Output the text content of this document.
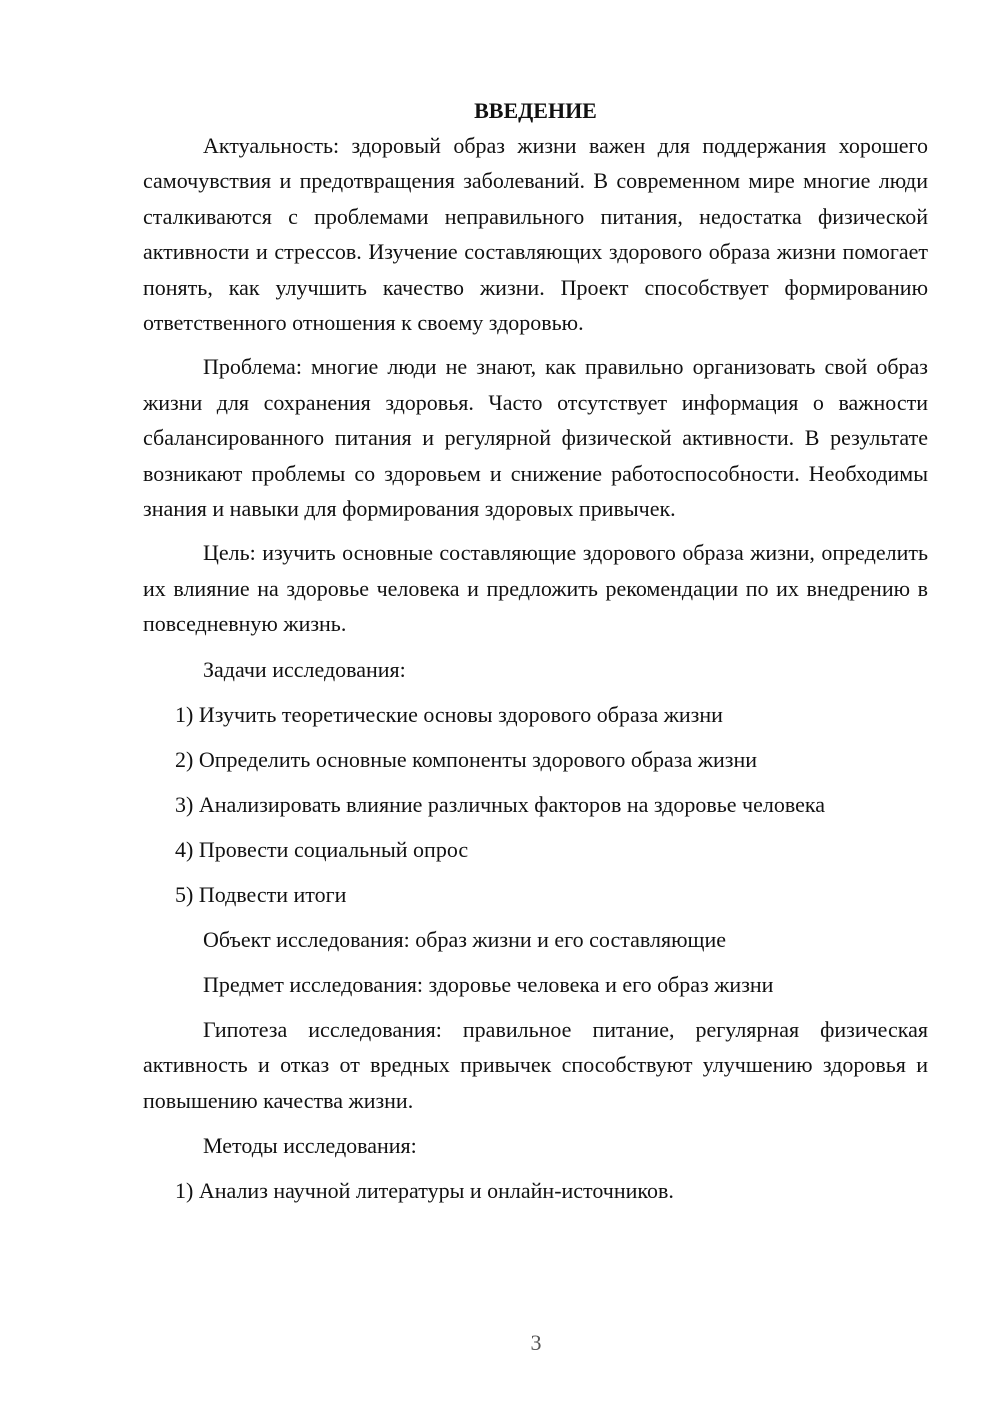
ВВЕДЕНИЕ

Актуальность: здоровый образ жизни важен для поддержания хорошего самочувствия и предотвращения заболеваний. В современном мире многие люди сталкиваются с проблемами неправильного питания, недостатка физической активности и стрессов. Изучение составляющих здорового образа жизни помогает понять, как улучшить качество жизни. Проект способствует формированию ответственного отношения к своему здоровью.

Проблема: многие люди не знают, как правильно организовать свой образ жизни для сохранения здоровья. Часто отсутствует информация о важности сбалансированного питания и регулярной физической активности. В результате возникают проблемы со здоровьем и снижение работоспособности. Необходимы знания и навыки для формирования здоровых привычек.

Цель: изучить основные составляющие здорового образа жизни, определить их влияние на здоровье человека и предложить рекомендации по их внедрению в повседневную жизнь.

Задачи исследования:
1) Изучить теоретические основы здорового образа жизни
2) Определить основные компоненты здорового образа жизни
3) Анализировать влияние различных факторов на здоровье человека
4) Провести социальный опрос
5) Подвести итоги
Объект исследования: образ жизни и его составляющие
Предмет исследования: здоровье человека и его образ жизни

Гипотеза исследования: правильное питание, регулярная физическая активность и отказ от вредных привычек способствуют улучшению здоровья и повышению качества жизни.

Методы исследования:
1) Анализ научной литературы и онлайн-источников.
3
